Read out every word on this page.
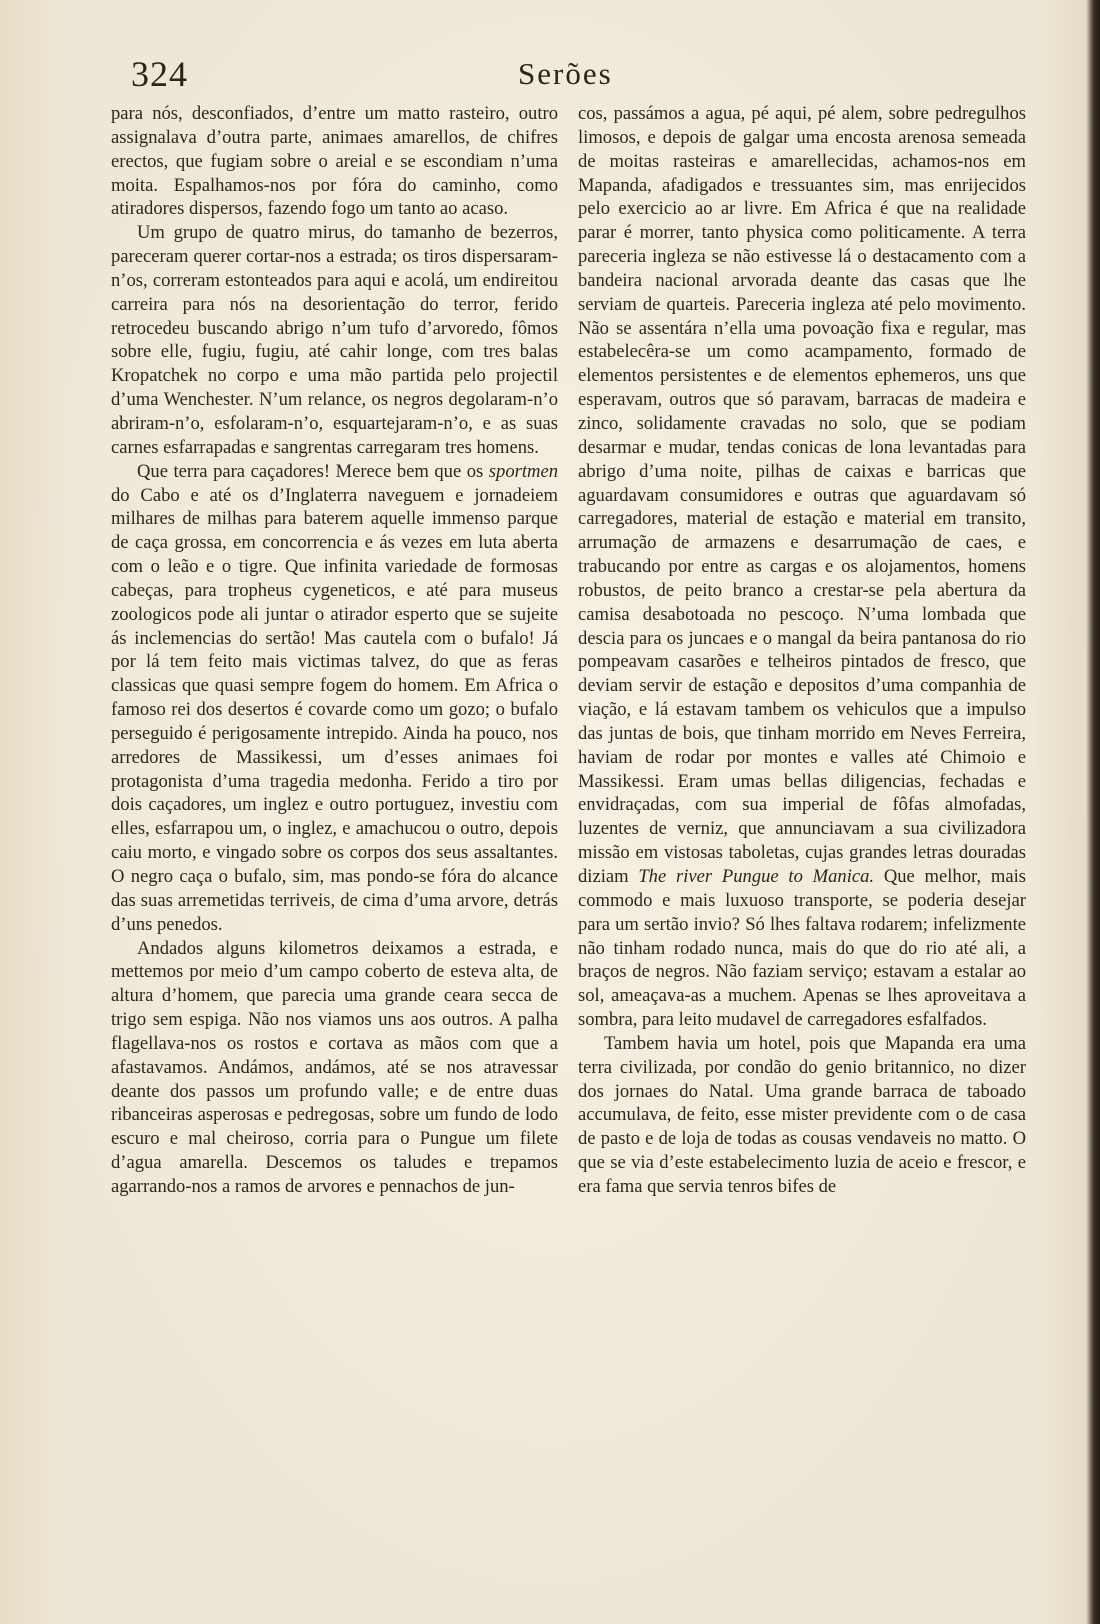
324	Serões

para nós, desconfiados, d’entre um matto rasteiro, outro assignalava d’outra parte, animaes amarellos, de chifres erectos, que fugiam sobre o areial e se escondiam n’uma moita. Espalhamos-nos por fóra do caminho, como atiradores dispersos, fazendo fogo um tanto ao acaso.

Um grupo de quatro mirus, do tamanho de bezerros, pareceram querer cortar-nos a estrada; os tiros dispersaram-n’os, correram estonteados para aqui e acolá, um endireitou carreira para nós na desorientação do terror, ferido retrocedeu buscando abrigo n’um tufo d’arvoredo, fômos sobre elle, fugiu, fugiu, até cahir longe, com tres balas Kropatchek no corpo e uma mão partida pelo projectil d’uma Wenchester. N’um relance, os negros degolaram-n’o abriram-n’o, esfolaram-n’o, esquartejaram-n’o, e as suas carnes esfarrapadas e sangrentas carregaram tres homens.

Que terra para caçadores! Merece bem que os sportmen do Cabo e até os d’Inglaterra naveguem e jornadeiem milhares de milhas para baterem aquelle immenso parque de caça grossa, em concorrencia e ás vezes em luta aberta com o leão e o tigre. Que infinita variedade de formosas cabeças, para tropheus cygeneticos, e até para museus zoologicos pode ali juntar o atirador esperto que se sujeite ás inclemencias do sertão! Mas cautela com o bufalo! Já por lá tem feito mais victimas talvez, do que as feras classicas que quasi sempre fogem do homem. Em Africa o famoso rei dos desertos é covarde como um gozo; o bufalo perseguido é perigosamente intrepido. Ainda ha pouco, nos arredores de Massikessi, um d’esses animaes foi protagonista d’uma tragedia medonha. Ferido a tiro por dois caçadores, um inglez e outro portuguez, investiu com elles, esfarrapou um, o inglez, e amachucou o outro, depois caiu morto, e vingado sobre os corpos dos seus assaltantes. O negro caça o bufalo, sim, mas pondo-se fóra do alcance das suas arremetidas terriveis, de cima d’uma arvore, detrás d’uns penedos.

Andados alguns kilometros deixamos a estrada, e mettemos por meio d’um campo coberto de esteva alta, de altura d’homem, que parecia uma grande ceara secca de trigo sem espiga. Não nos viamos uns aos outros. A palha flagellava-nos os rostos e cortava as mãos com que a afastavamos. Andámos, andámos, até se nos atravessar deante dos passos um profundo valle; e de entre duas ribanceiras asperosas e pedregosas, sobre um fundo de lodo escuro e mal cheiroso, corria para o Pungue um filete d’agua amarella. Descemos os taludes e trepamos agarrando-nos a ramos de arvores e pennachos de jun-

cos, passámos a agua, pé aqui, pé alem, sobre pedregulhos limosos, e depois de galgar uma encosta arenosa semeada de moitas rasteiras e amarellecidas, achamos-nos em Mapanda, afadigados e tressuantes sim, mas enrijecidos pelo exercicio ao ar livre. Em Africa é que na realidade parar é morrer, tanto physica como politicamente. A terra pareceria ingleza se não estivesse lá o destacamento com a bandeira nacional arvorada deante das casas que lhe serviam de quarteis. Pareceria ingleza até pelo movimento. Não se assentára n’ella uma povoação fixa e regular, mas estabelecêra-se um como acampamento, formado de elementos persistentes e de elementos ephemeros, uns que esperavam, outros que só paravam, barracas de madeira e zinco, solidamente cravadas no solo, que se podiam desarmar e mudar, tendas conicas de lona levantadas para abrigo d’uma noite, pilhas de caixas e barricas que aguardavam consumidores e outras que aguardavam só carregadores, material de estação e material em transito, arrumação de armazens e desarrumação de caes, e trabucando por entre as cargas e os alojamentos, homens robustos, de peito branco a crestar-se pela abertura da camisa desabotoada no pescoço. N’uma lombada que descia para os juncaes e o mangal da beira pantanosa do rio pompeavam casarões e telheiros pintados de fresco, que deviam servir de estação e depositos d’uma companhia de viação, e lá estavam tambem os vehiculos que a impulso das juntas de bois, que tinham morrido em Neves Ferreira, haviam de rodar por montes e valles até Chimoio e Massikessi. Eram umas bellas diligencias, fechadas e envidraçadas, com sua imperial de fôfas almofadas, luzentes de verniz, que annunciavam a sua civilizadora missão em vistosas taboletas, cujas grandes letras douradas diziam The river Pungue to Manica. Que melhor, mais commodo e mais luxuoso transporte, se poderia desejar para um sertão invio? Só lhes faltava rodarem; infelizmente não tinham rodado nunca, mais do que do rio até ali, a braços de negros. Não faziam serviço; estavam a estalar ao sol, ameaçava-as a muchem. Apenas se lhes aproveitava a sombra, para leito mudavel de carregadores esfalfados.

Tambem havia um hotel, pois que Mapanda era uma terra civilizada, por condão do genio britannico, no dizer dos jornaes do Natal. Uma grande barraca de taboado accumulava, de feito, esse mister previdente com o de casa de pasto e de loja de todas as cousas vendaveis no matto. O que se via d’este estabelecimento luzia de aceio e frescor, e era fama que servia tenros bifes de
